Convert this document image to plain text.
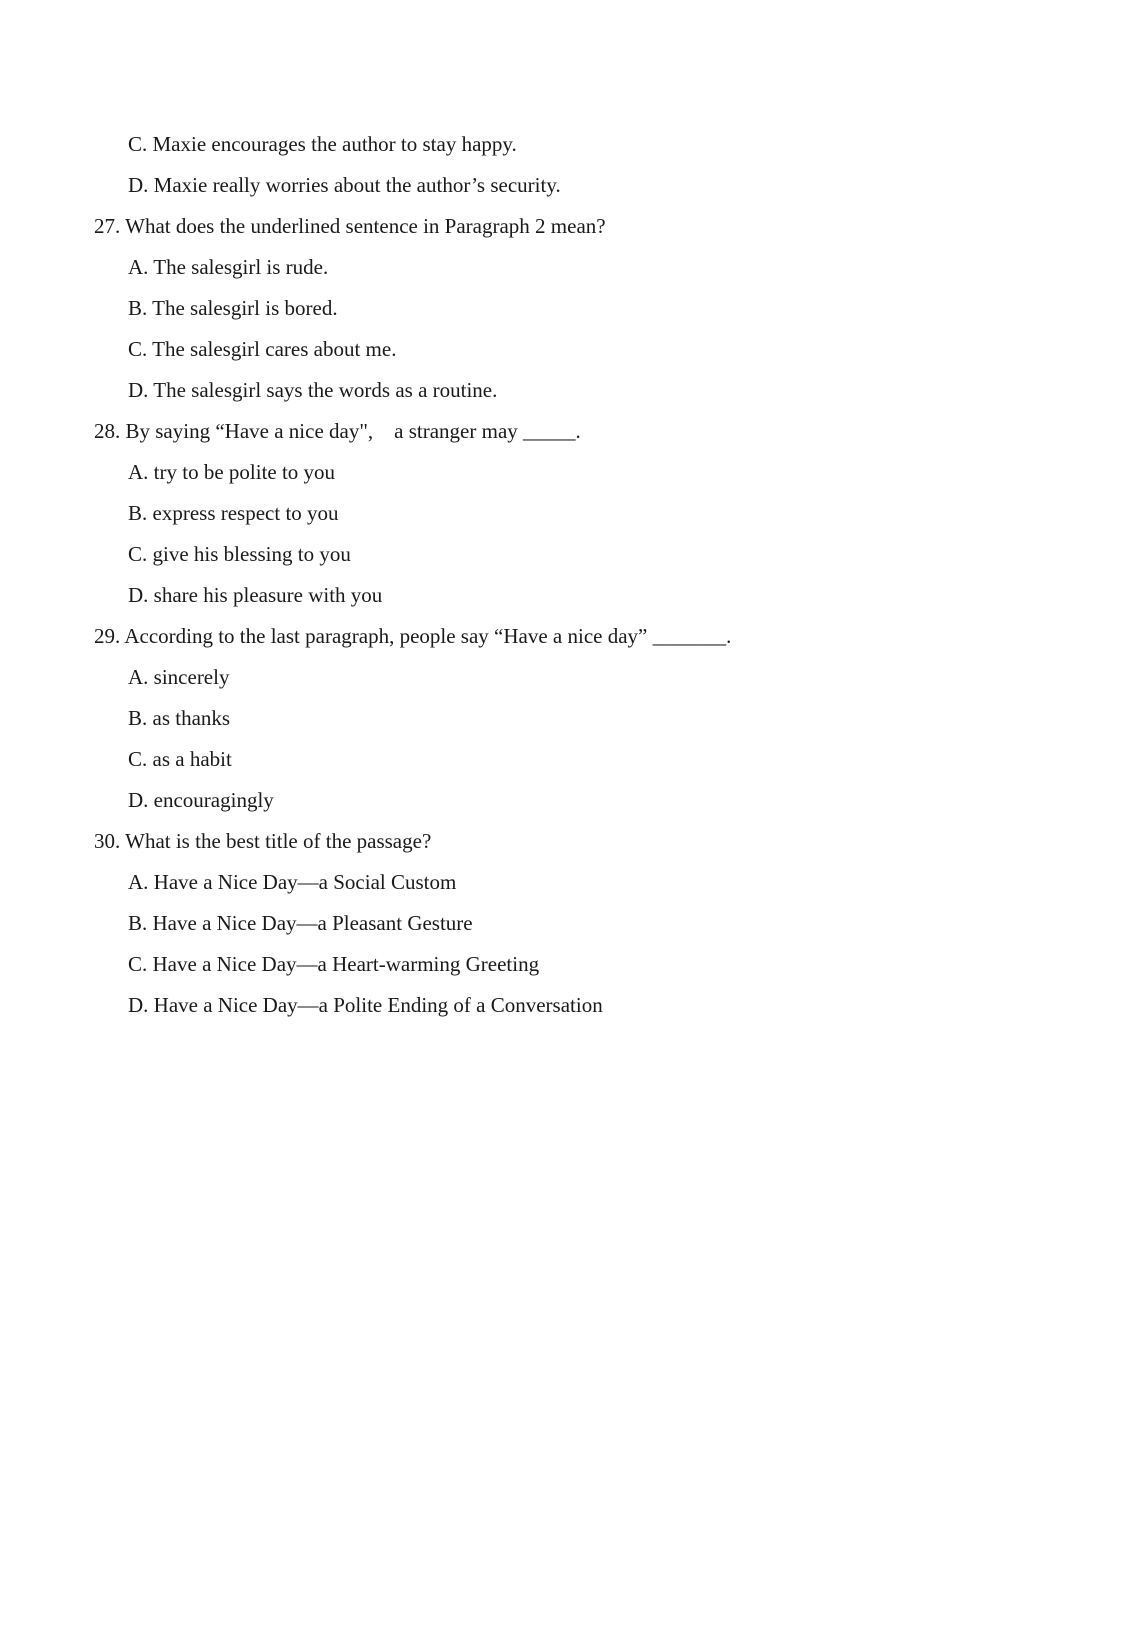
C. Maxie encourages the author to stay happy.
D. Maxie really worries about the author’s security.
27. What does the underlined sentence in Paragraph 2 mean?
A. The salesgirl is rude.
B. The salesgirl is bored.
C. The salesgirl cares about me.
D. The salesgirl says the words as a routine.
28. By saying “Have a nice day",    a stranger may _____.
A. try to be polite to you
B. express respect to you
C. give his blessing to you
D. share his pleasure with you
29. According to the last paragraph, people say “Have a nice day” _______.
A. sincerely
B. as thanks
C. as a habit
D. encouragingly
30. What is the best title of the passage?
A. Have a Nice Day—a Social Custom
B. Have a Nice Day—a Pleasant Gesture
C. Have a Nice Day—a Heart-warming Greeting
D. Have a Nice Day—a Polite Ending of a Conversation
